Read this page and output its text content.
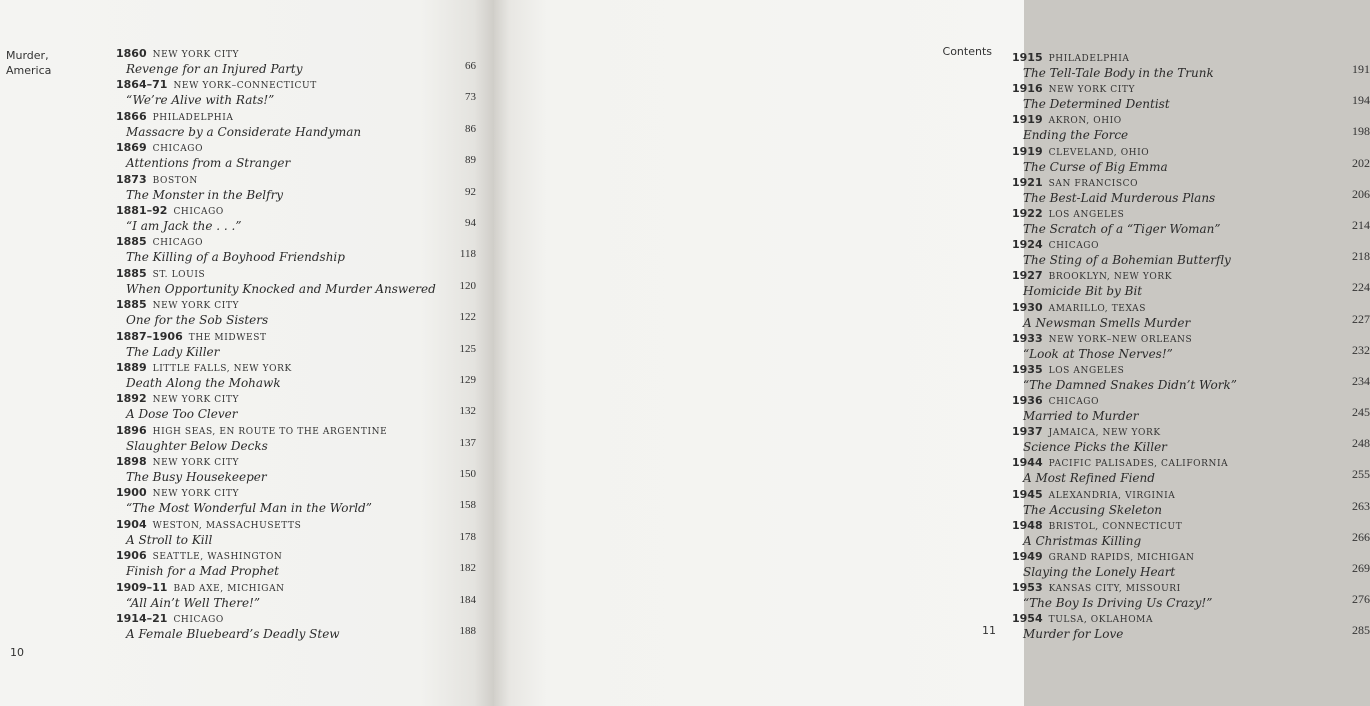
Murder, America
1860 NEW YORK CITY
Revenge for an Injured Party	66
1864–71 NEW YORK–CONNECTICUT
“We’re Alive with Rats!”	73
1866 PHILADELPHIA
Massacre by a Considerate Handyman	86
1869 CHICAGO
Attentions from a Stranger	89
1873 BOSTON
The Monster in the Belfry	92
1881–92 CHICAGO
“I am Jack the . . .”	94
1885 CHICAGO
The Killing of a Boyhood Friendship	118
1885 ST. LOUIS
When Opportunity Knocked and Murder Answered	120
1885 NEW YORK CITY
One for the Sob Sisters	122
1887–1906 THE MIDWEST
The Lady Killer	125
1889 LITTLE FALLS, NEW YORK
Death Along the Mohawk	129
1892 NEW YORK CITY
A Dose Too Clever	132
1896 HIGH SEAS, EN ROUTE TO THE ARGENTINE
Slaughter Below Decks	137
1898 NEW YORK CITY
The Busy Housekeeper	150
1900 NEW YORK CITY
“The Most Wonderful Man in the World”	158
1904 WESTON, MASSACHUSETTS
A Stroll to Kill	178
1906 SEATTLE, WASHINGTON
Finish for a Mad Prophet	182
1909–11 BAD AXE, MICHIGAN
“All Ain’t Well There!”	184
1914–21 CHICAGO
A Female Bluebeard’s Deadly Stew	188
10
Contents 1915 PHILADELPHIA
The Tell-Tale Body in the Trunk	191
1916 NEW YORK CITY
The Determined Dentist	194
1919 AKRON, OHIO
Ending the Force	198
1919 CLEVELAND, OHIO
The Curse of Big Emma	202
1921 SAN FRANCISCO
The Best-Laid Murderous Plans	206
1922 LOS ANGELES
The Scratch of a “Tiger Woman”	214
1924 CHICAGO
The Sting of a Bohemian Butterfly	218
1927 BROOKLYN, NEW YORK
Homicide Bit by Bit	224
1930 AMARILLO, TEXAS
A Newsman Smells Murder	227
1933 NEW YORK–NEW ORLEANS
“Look at Those Nerves!”	232
1935 LOS ANGELES
“The Damned Snakes Didn’t Work”	234
1936 CHICAGO
Married to Murder	245
1937 JAMAICA, NEW YORK
Science Picks the Killer	248
1944 PACIFIC PALISADES, CALIFORNIA
A Most Refined Fiend	255
1945 ALEXANDRIA, VIRGINIA
The Accusing Skeleton	263
1948 BRISTOL, CONNECTICUT
A Christmas Killing	266
1949 GRAND RAPIDS, MICHIGAN
Slaying the Lonely Heart	269
1953 KANSAS CITY, MISSOURI
“The Boy Is Driving Us Crazy!”	276
1954 TULSA, OKLAHOMA
Murder for Love	285
11
